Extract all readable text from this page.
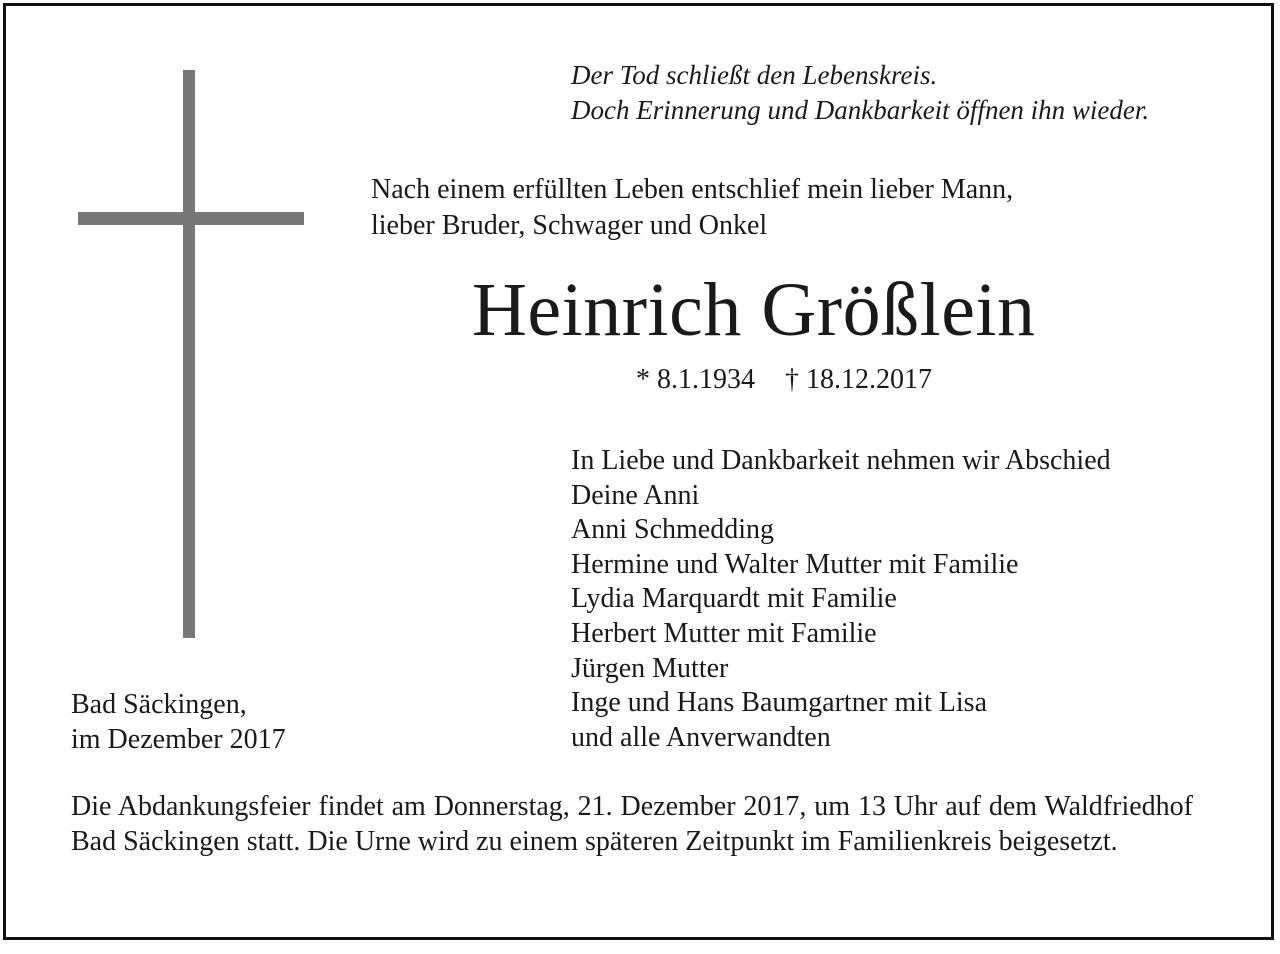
Der Tod schließt den Lebenskreis.
Doch Erinnerung und Dankbarkeit öffnen ihn wieder.
Nach einem erfüllten Leben entschlief mein lieber Mann,
lieber Bruder, Schwager und Onkel
Heinrich Größlein
* 8.1.1934 † 18.12.2017
In Liebe und Dankbarkeit nehmen wir Abschied
Deine Anni
Anni Schmedding
Hermine und Walter Mutter mit Familie
Lydia Marquardt mit Familie
Herbert Mutter mit Familie
Jürgen Mutter
Inge und Hans Baumgartner mit Lisa
und alle Anverwandten
Bad Säckingen,
im Dezember 2017
Die Abdankungsfeier findet am Donnerstag, 21. Dezember 2017, um 13 Uhr auf dem Waldfriedhof Bad Säckingen statt. Die Urne wird zu einem späteren Zeitpunkt im Familienkreis beigesetzt.
